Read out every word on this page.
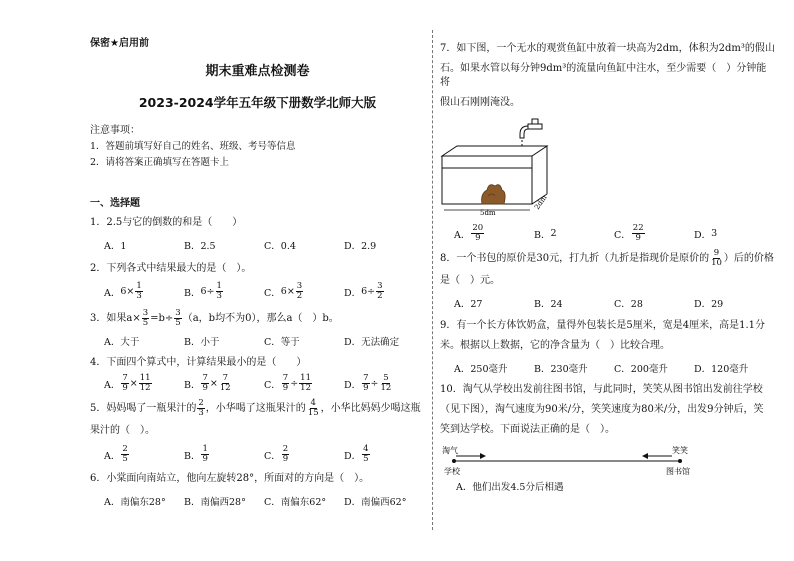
保密★启用前
期末重难点检测卷
2023-2024学年五年级下册数学北师大版
注意事项：
1．答题前填写好自己的姓名、班级、考号等信息
2．请将答案正确填写在答题卡上
一、选择题
1．2.5与它的倒数的和是（　　）
A．1	B．2.5	C．0.4	D．2.9
2．下列各式中结果最大的是（　）。
A． $6\times \frac{1}{3}$	B． $6\div \frac{1}{3}$	C． $6\times \frac{3}{2}$	D． $6\div \frac{3}{2}$
3．如果$a\times \frac{3}{5} =b\div \frac{3}{5} (a$，b均不为0），那么a（　）b。
A．大于	B．小于	C．等于	D．无法确定
4．下面四个算式中，计算结果最小的是（　　）
A． $\frac{7}{9} \times \frac{11}{12}$	B． $\frac{7}{9} \times \frac{7}{12}$	C． $\frac{7}{9} \div \frac{11}{12}$	D． $\frac{7}{9} \div \frac{5}{12}$
5．妈妈喝了一瓶果汁的 $\frac{2}{3}$ ，小华喝了这瓶果汁的 $\frac{4}{15}$ ，小华比妈妈少喝这瓶
果汁的（　）。
A． $\frac{2}{5}$	B． $\frac{1}{9}$	C． $\frac{2}{9}$	D． $\frac{4}{5}$
6．小棠面向南站立，他向左旋转28°，所面对的方向是（　）。
A．南偏东28°	B．南偏西28°	C．南偏东62°	D．南偏西62°
7．如下图，一个无水的观赏鱼缸中放着一块高为2dm，体积为2dm³的假山
石。如果水管以每分钟9dm³的流量向鱼缸中注水，至少需要（　）分钟能将
假山石刚刚淹没。
5dm
2dm
A． $\frac{20}{9}$	B． 2	C． $\frac{22}{9}$	D． 3
8．一个书包的原价是30元，打九折（九折是指现价是原价的 $\frac{9}{10}$ ）后的价格
是（　）元。
A．27	B．24	C．28	D．29
9．有一个长方体饮奶盒，量得外包装长是5厘米，宽是4厘米，高是1.1分
米。根据以上数据，它的净含量为（　）比较合理。
A．250毫升	B．230毫升	C．200毫升	D．120毫升
10．淘气从学校出发前往图书馆，与此同时，笑笑从图书馆出发前往学校
（见下图），淘气速度为90米/分，笑笑速度为80米/分，出发9分钟后，笑
笑到达学校。下面说法正确的是（　）。
淘气	笑笑
学校	图书馆
A．他们出发4.5分后相遇
